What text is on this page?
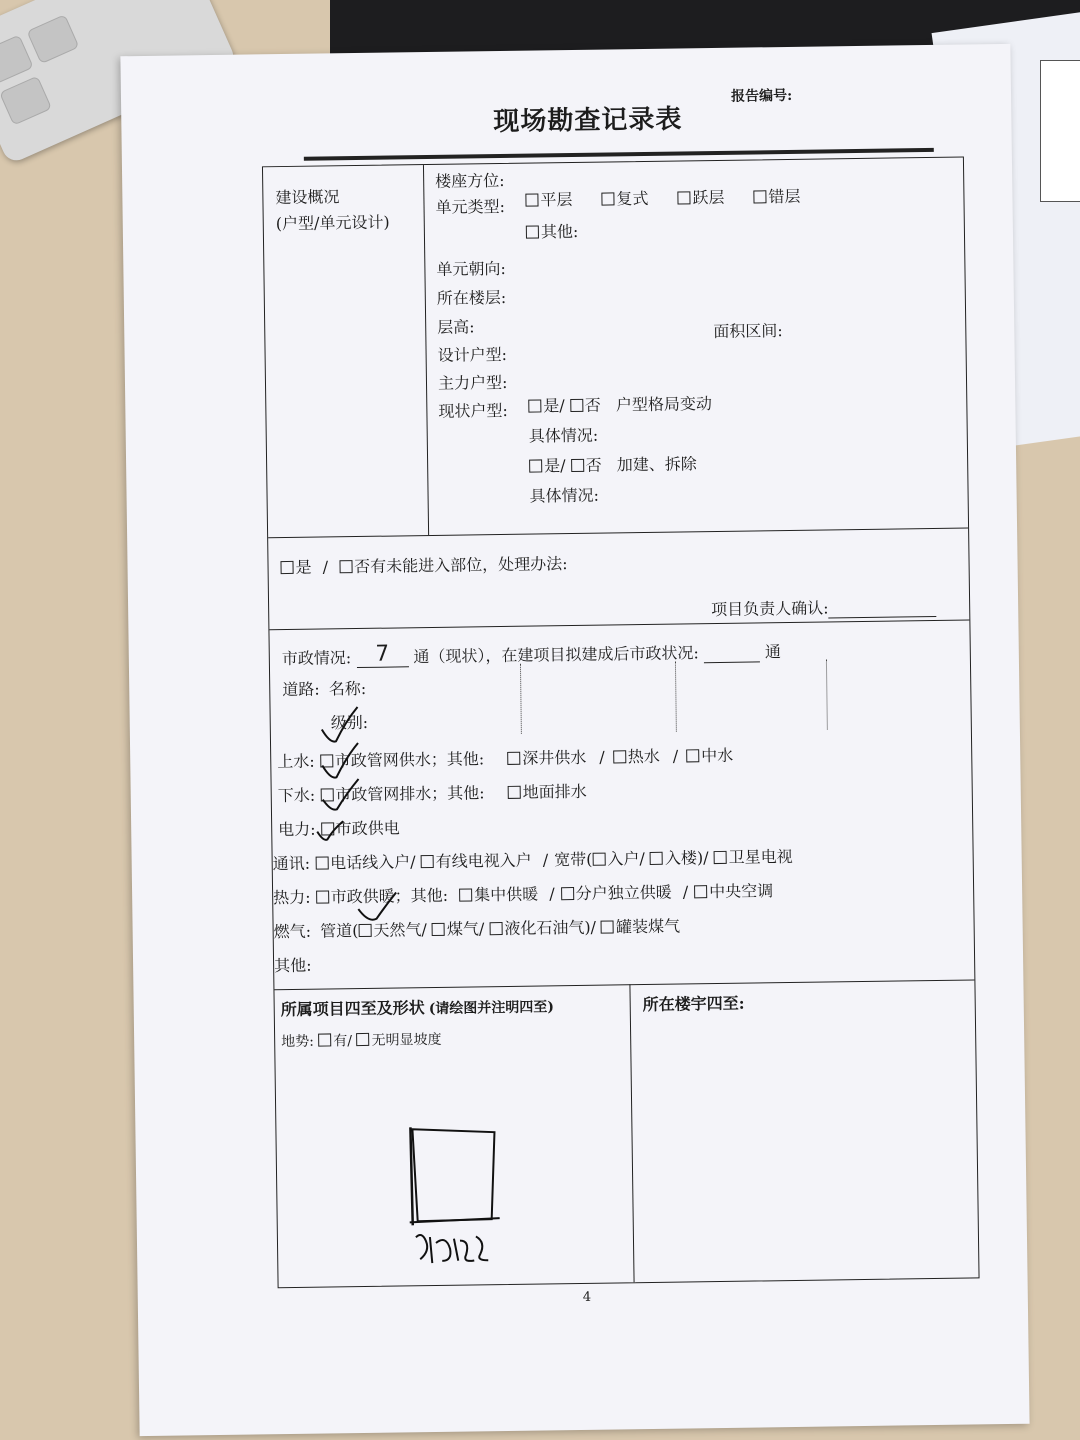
现场勘查记录表
报告编号:
建设概况
(户型/单元设计)
楼座方位:
单元类型:	平层	复式	跃层	错层
其他:
单元朝向:
所在楼层:
层高:	面积区间:
设计户型:
主力户型:
现状户型:	是/ 否 户型格局变动
具体情况:
是/ 否 加建、拆除
具体情况:
是 / 否有未能进入部位，处理办法:
项目负责人确认:
市政情况: 7 通（现状），在建项目拟建成后市政状况:	通
道路: 名称:
级别:
上水: 市政管网供水；其他: 深井供水 / 热水 / 中水
下水: 市政管网排水；其他: 地面排水
电力: 市政供电
通讯: 电话线入户/ 有线电视入户 / 宽带( 入户/ 入楼)/ 卫星电视
热力: 市政供暖；其他: 集中供暖 / 分户独立供暖 / 中央空调
燃气: 管道( 天然气/ 煤气/ 液化石油气)/ 罐装煤气
其他:
所属项目四至及形状 (请绘图并注明四至)
地势: 有/ 无明显坡度
所在楼宇四至:
4
